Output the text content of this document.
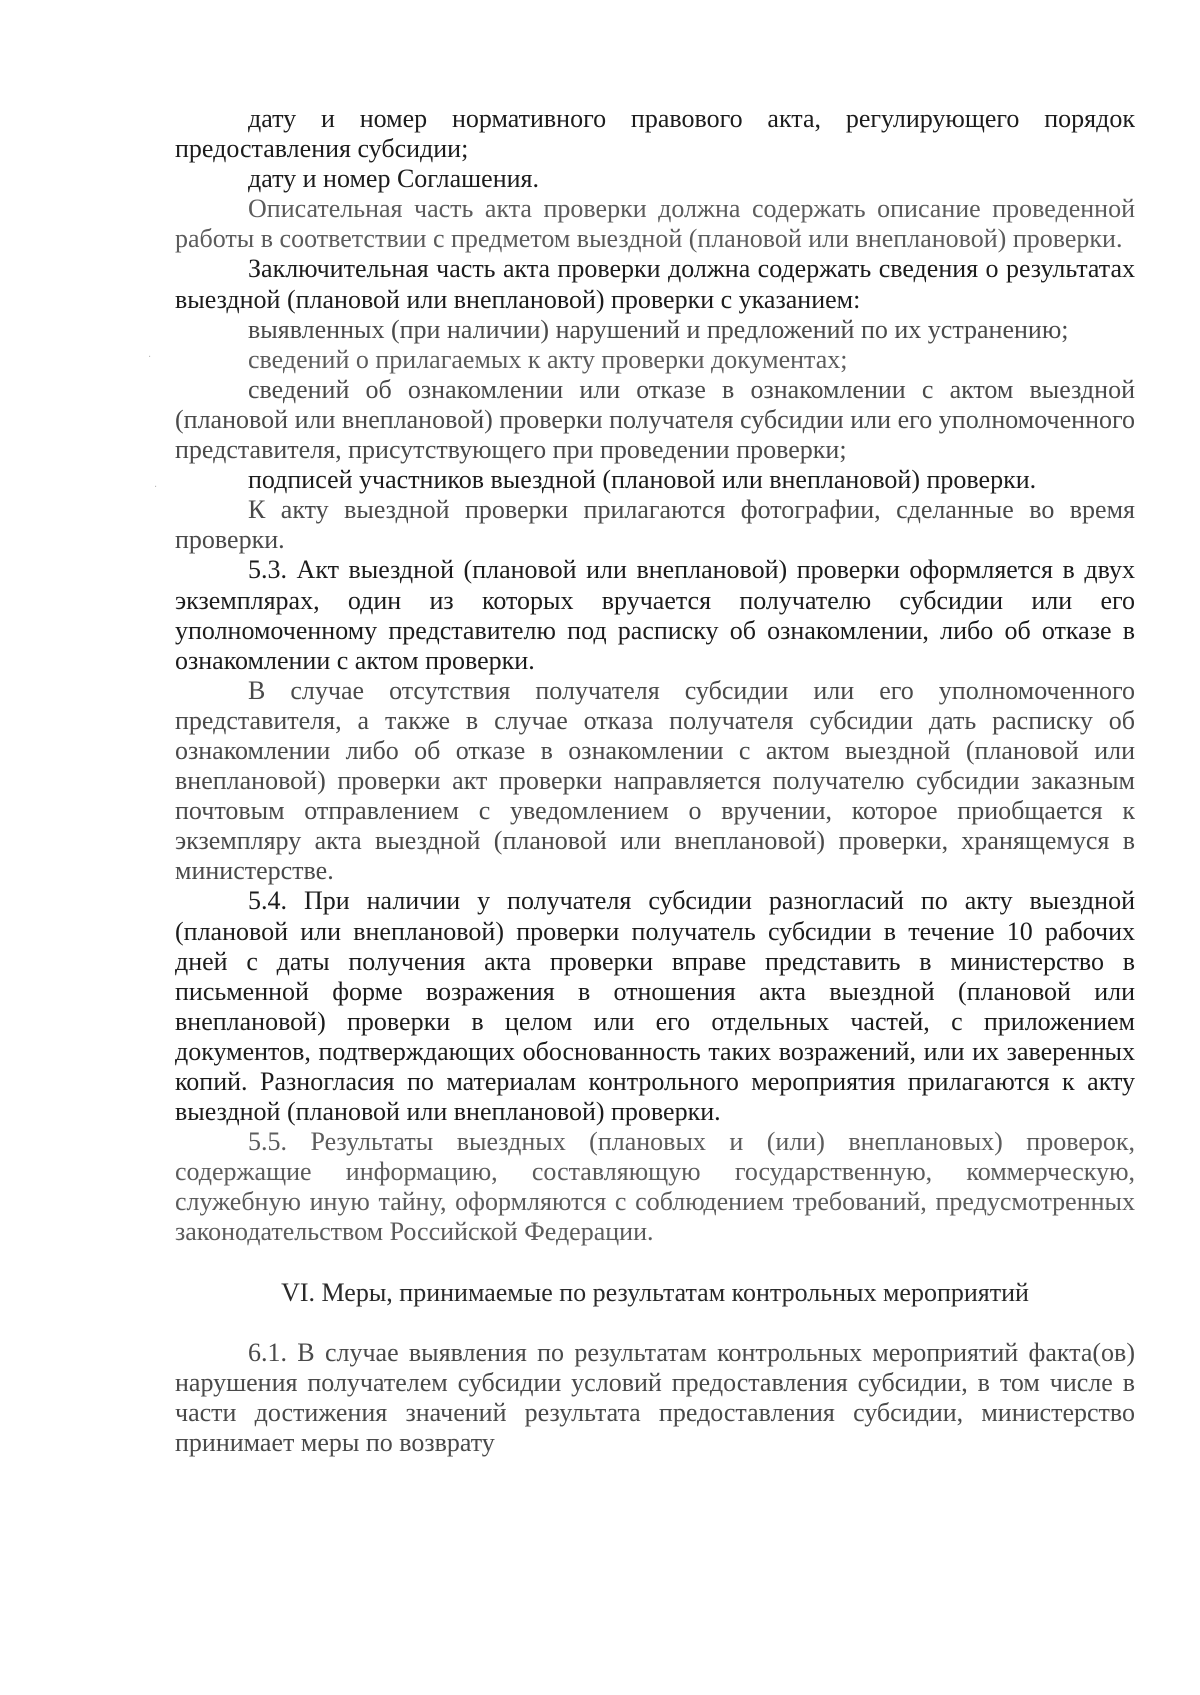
·
·

дату и номер нормативного правового акта, регулирующего порядок предоставления субсидии;

дату и номер Соглашения.

Описательная часть акта проверки должна содержать описание проведенной работы в соответствии с предметом выездной (плановой или внеплановой) проверки.

Заключительная часть акта проверки должна содержать сведения о результатах выездной (плановой или внеплановой) проверки с указанием:

выявленных (при наличии) нарушений и предложений по их устранению;

сведений о прилагаемых к акту проверки документах;

сведений об ознакомлении или отказе в ознакомлении с актом выездной (плановой или внеплановой) проверки получателя субсидии или его уполномоченного представителя, присутствующего при проведении проверки;

подписей участников выездной (плановой или внеплановой) проверки.

К акту выездной проверки прилагаются фотографии, сделанные во время проверки.

5.3. Акт выездной (плановой или внеплановой) проверки оформляется в двух экземплярах, один из которых вручается получателю субсидии или его уполномоченному представителю под расписку об ознакомлении, либо об отказе в ознакомлении с актом проверки.

В случае отсутствия получателя субсидии или его уполномоченного представителя, а также в случае отказа получателя субсидии дать расписку об ознакомлении либо об отказе в ознакомлении с актом выездной (плановой или внеплановой) проверки акт проверки направляется получателю субсидии заказным почтовым отправлением с уведомлением о вручении, которое приобщается к экземпляру акта выездной (плановой или внеплановой) проверки, хранящемуся в министерстве.

5.4. При наличии у получателя субсидии разногласий по акту выездной (плановой или внеплановой) проверки получатель субсидии в течение 10 рабочих дней с даты получения акта проверки вправе представить в министерство в письменной форме возражения в отношения акта выездной (плановой или внеплановой) проверки в целом или его отдельных частей, с приложением документов, подтверждающих обоснованность таких возражений, или их заверенных копий. Разногласия по материалам контрольного мероприятия прилагаются к акту выездной (плановой или внеплановой) проверки.

5.5. Результаты выездных (плановых и (или) внеплановых) проверок, содержащие информацию, составляющую государственную, коммерческую, служебную иную тайну, оформляются с соблюдением требований, предусмотренных законодательством Российской Федерации.

VI. Меры, принимаемые по результатам контрольных мероприятий

6.1. В случае выявления по результатам контрольных мероприятий факта(ов) нарушения получателем субсидии условий предоставления субсидии, в том числе в части достижения значений результата предоставления субсидии, министерство принимает меры по возврату
